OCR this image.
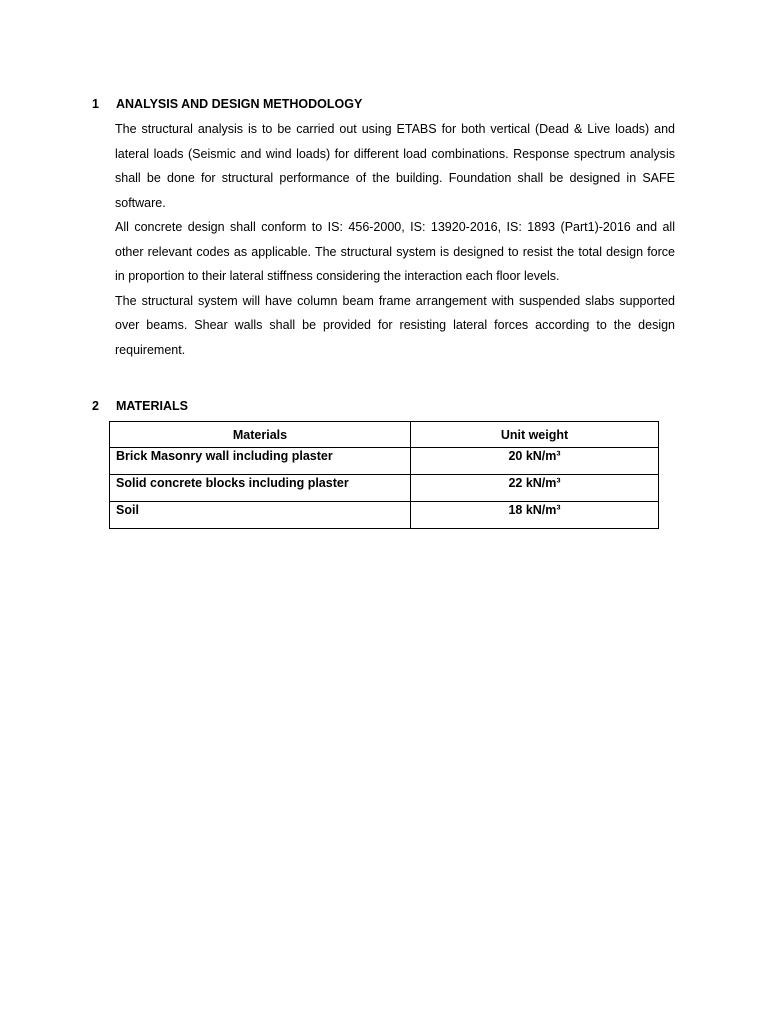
1 ANALYSIS AND DESIGN METHODOLOGY

The structural analysis is to be carried out using ETABS for both vertical (Dead & Live loads) and lateral loads (Seismic and wind loads) for different load combinations. Response spectrum analysis shall be done for structural performance of the building. Foundation shall be designed in SAFE software.

All concrete design shall conform to IS: 456-2000, IS: 13920-2016, IS: 1893 (Part1)-2016 and all other relevant codes as applicable. The structural system is designed to resist the total design force in proportion to their lateral stiffness considering the interaction each floor levels.

The structural system will have column beam frame arrangement with suspended slabs supported over beams. Shear walls shall be provided for resisting lateral forces according to the design requirement.

2 MATERIALS
Materials	Unit weight
Brick Masonry wall including plaster	20 kN/m³
Solid concrete blocks including plaster	22 kN/m³
Soil	18 kN/m³
